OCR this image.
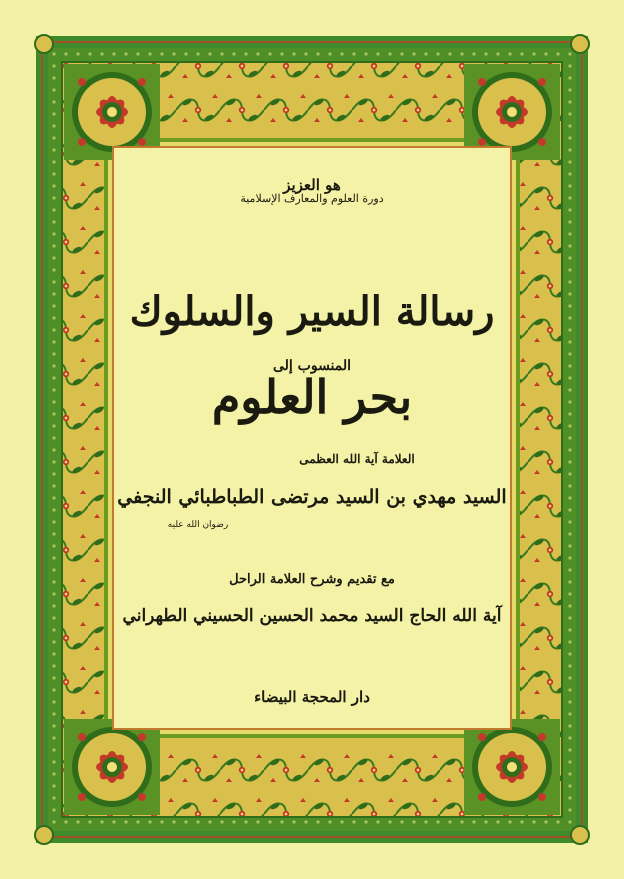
هو العزيز
دورة العلوم والمعارف الإسلامية
رسالة السير والسلوك
المنسوب إلى
بحر العلوم
العلامة آية الله العظمى
السيد مهدي بن السيد مرتضى الطباطبائي النجفي
رضوان الله عليه
مع تقديم وشرح العلامة الراحل
آية الله الحاج السيد محمد الحسين الحسيني الطهراني
دار المحجة البيضاء
